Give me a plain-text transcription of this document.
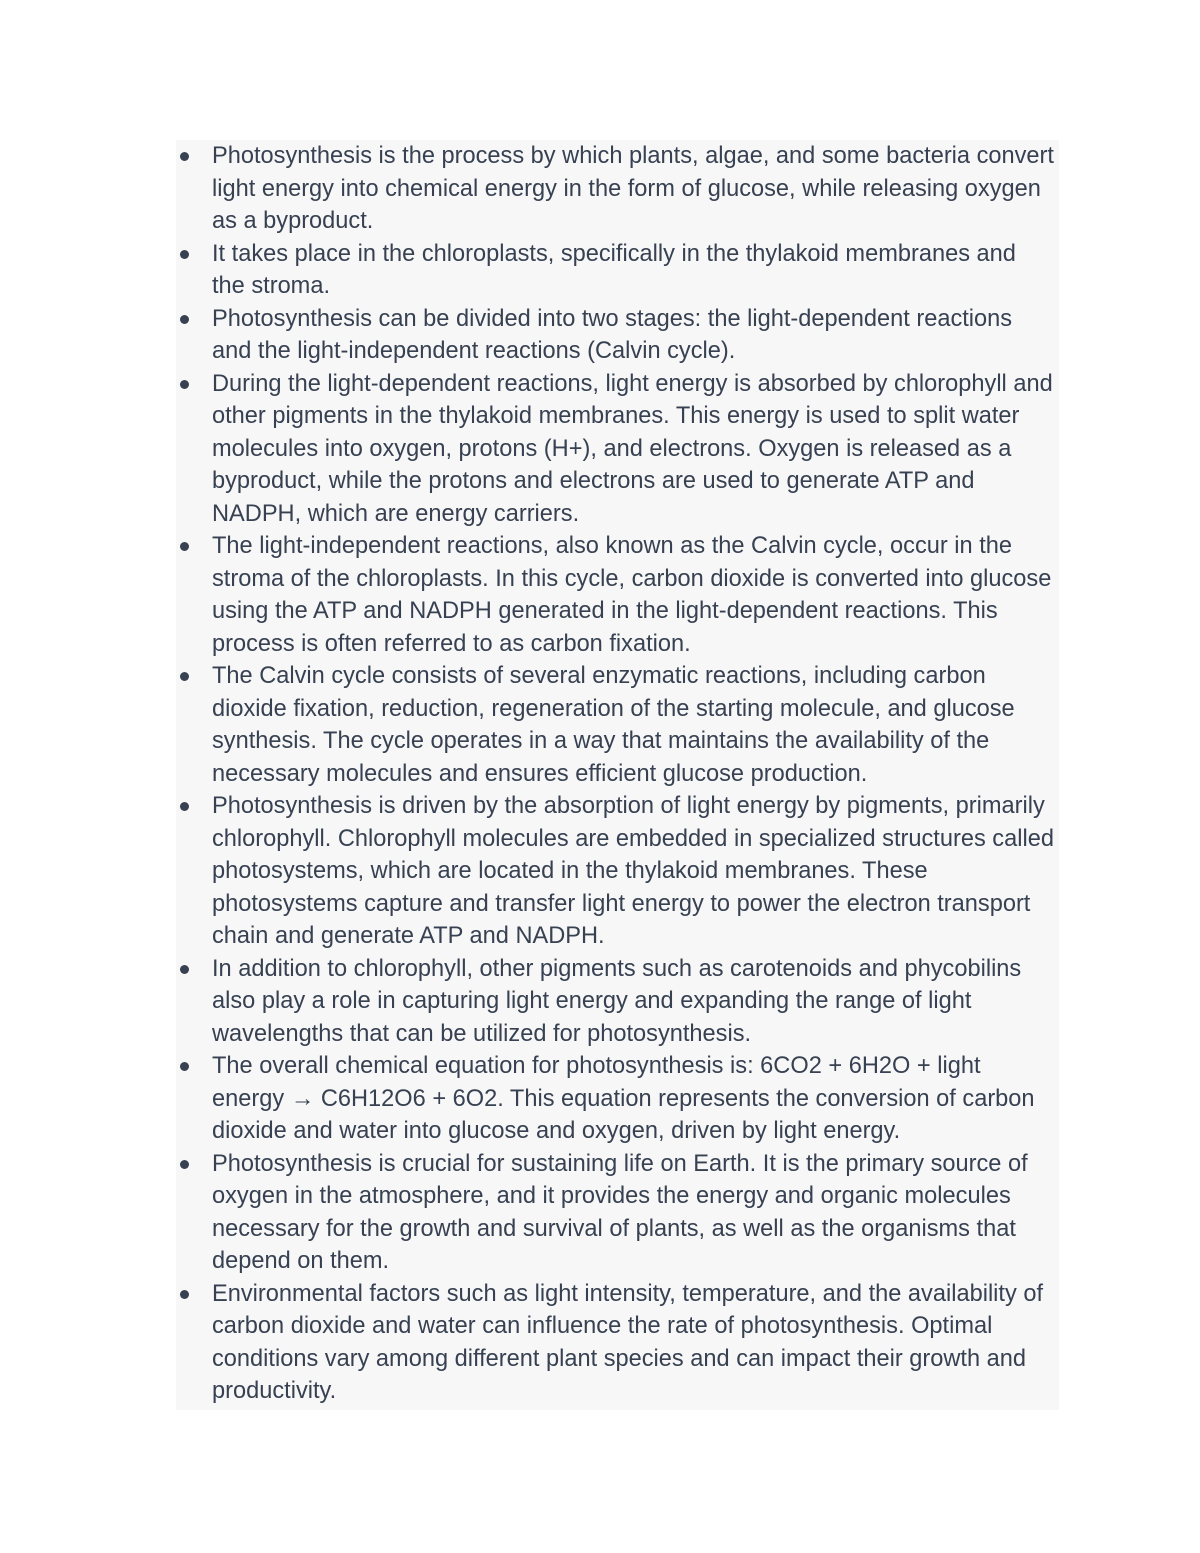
Photosynthesis is the process by which plants, algae, and some bacteria convert light energy into chemical energy in the form of glucose, while releasing oxygen as a byproduct.
It takes place in the chloroplasts, specifically in the thylakoid membranes and the stroma.
Photosynthesis can be divided into two stages: the light-dependent reactions and the light-independent reactions (Calvin cycle).
During the light-dependent reactions, light energy is absorbed by chlorophyll and other pigments in the thylakoid membranes. This energy is used to split water molecules into oxygen, protons (H+), and electrons. Oxygen is released as a byproduct, while the protons and electrons are used to generate ATP and NADPH, which are energy carriers.
The light-independent reactions, also known as the Calvin cycle, occur in the stroma of the chloroplasts. In this cycle, carbon dioxide is converted into glucose using the ATP and NADPH generated in the light-dependent reactions. This process is often referred to as carbon fixation.
The Calvin cycle consists of several enzymatic reactions, including carbon dioxide fixation, reduction, regeneration of the starting molecule, and glucose synthesis. The cycle operates in a way that maintains the availability of the necessary molecules and ensures efficient glucose production.
Photosynthesis is driven by the absorption of light energy by pigments, primarily chlorophyll. Chlorophyll molecules are embedded in specialized structures called photosystems, which are located in the thylakoid membranes. These photosystems capture and transfer light energy to power the electron transport chain and generate ATP and NADPH.
In addition to chlorophyll, other pigments such as carotenoids and phycobilins also play a role in capturing light energy and expanding the range of light wavelengths that can be utilized for photosynthesis.
The overall chemical equation for photosynthesis is: 6CO2 + 6H2O + light energy → C6H12O6 + 6O2. This equation represents the conversion of carbon dioxide and water into glucose and oxygen, driven by light energy.
Photosynthesis is crucial for sustaining life on Earth. It is the primary source of oxygen in the atmosphere, and it provides the energy and organic molecules necessary for the growth and survival of plants, as well as the organisms that depend on them.
Environmental factors such as light intensity, temperature, and the availability of carbon dioxide and water can influence the rate of photosynthesis. Optimal conditions vary among different plant species and can impact their growth and productivity.
